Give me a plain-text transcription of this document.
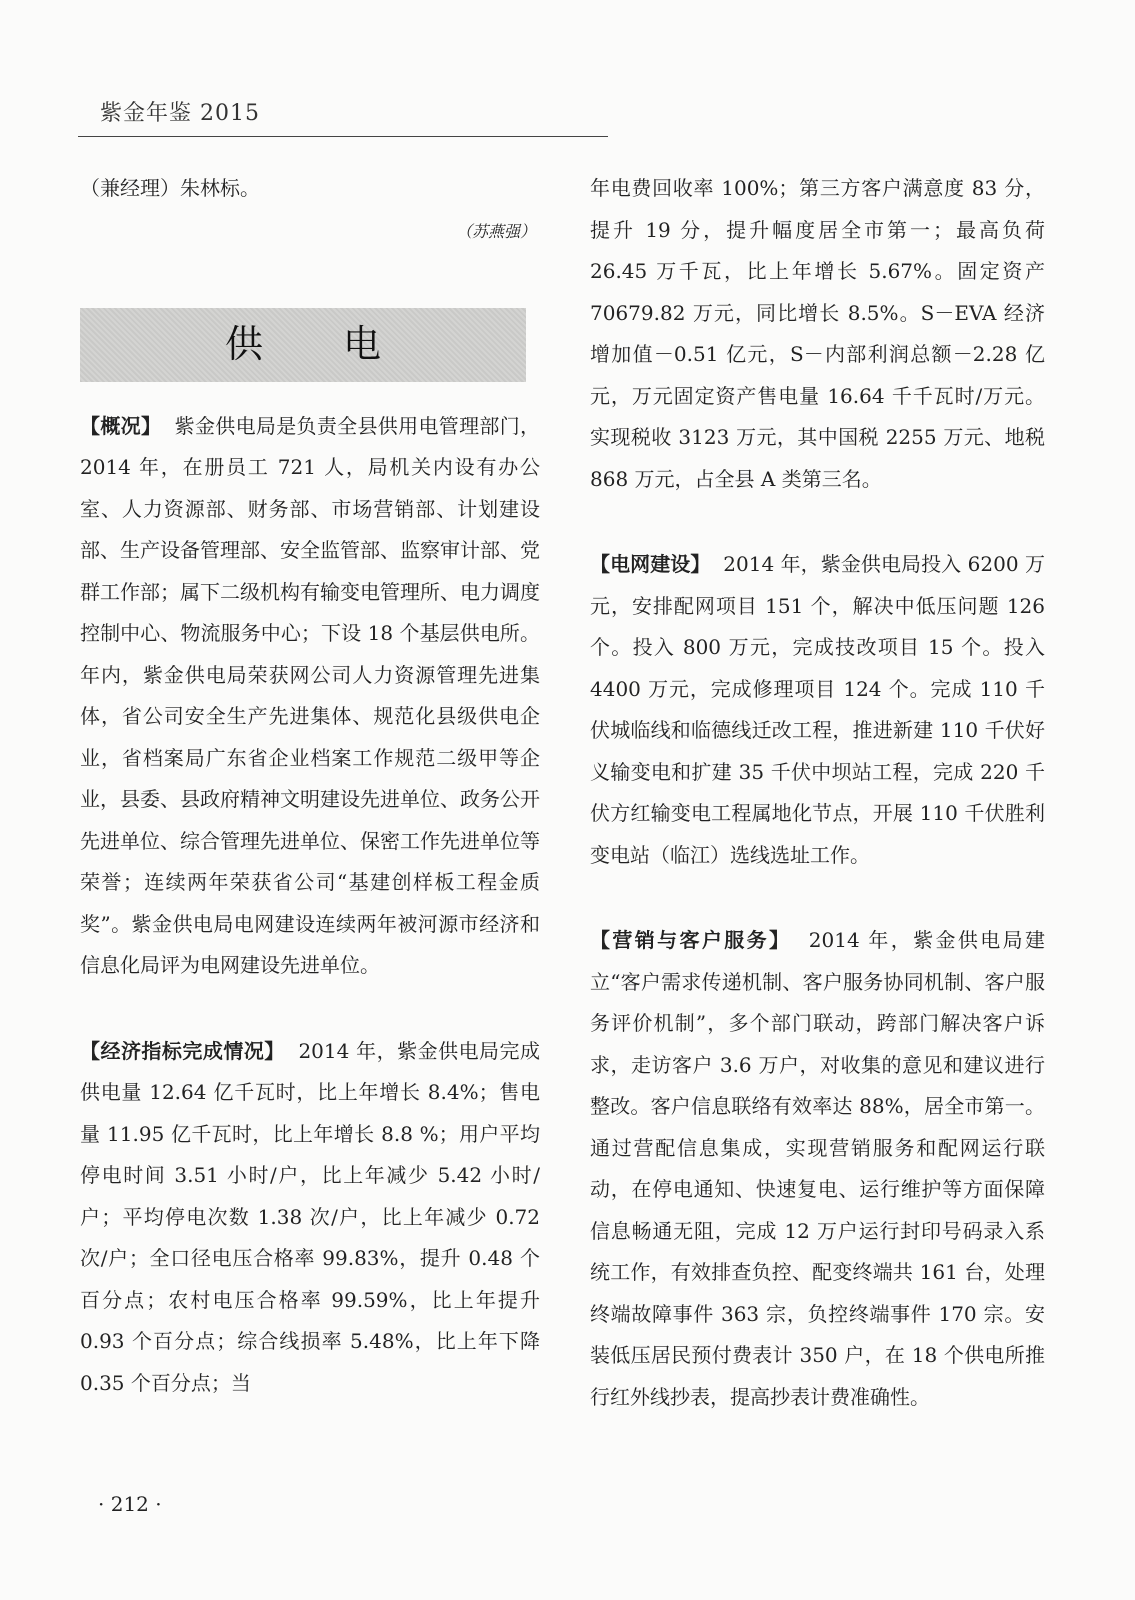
紫金年鉴 2015

（兼经理）朱林标。

（苏燕强）

供电

【概况】 紫金供电局是负责全县供用电管理部门，2014 年，在册员工 721 人，局机关内设有办公室、人力资源部、财务部、市场营销部、计划建设部、生产设备管理部、安全监管部、监察审计部、党群工作部；属下二级机构有输变电管理所、电力调度控制中心、物流服务中心；下设 18 个基层供电所。年内，紫金供电局荣获网公司人力资源管理先进集体，省公司安全生产先进集体、规范化县级供电企业，省档案局广东省企业档案工作规范二级甲等企业，县委、县政府精神文明建设先进单位、政务公开先进单位、综合管理先进单位、保密工作先进单位等荣誉；连续两年荣获省公司“基建创样板工程金质奖”。紫金供电局电网建设连续两年被河源市经济和信息化局评为电网建设先进单位。

【经济指标完成情况】 2014 年，紫金供电局完成供电量 12.64 亿千瓦时，比上年增长 8.4%；售电量 11.95 亿千瓦时，比上年增长 8.8 %；用户平均停电时间 3.51 小时/户，比上年减少 5.42 小时/户；平均停电次数 1.38 次/户，比上年减少 0.72 次/户；全口径电压合格率 99.83%，提升 0.48 个百分点；农村电压合格率 99.59%，比上年提升 0.93 个百分点；综合线损率 5.48%，比上年下降 0.35 个百分点；当

· 212 ·

年电费回收率 100%；第三方客户满意度 83 分，提升 19 分，提升幅度居全市第一；最高负荷 26.45 万千瓦，比上年增长 5.67%。固定资产 70679.82 万元，同比增长 8.5%。S－EVA 经济增加值－0.51 亿元，S－内部利润总额－2.28 亿元，万元固定资产售电量 16.64 千千瓦时/万元。实现税收 3123 万元，其中国税 2255 万元、地税 868 万元，占全县 A 类第三名。

【电网建设】 2014 年，紫金供电局投入 6200 万元，安排配网项目 151 个，解决中低压问题 126 个。投入 800 万元，完成技改项目 15 个。投入 4400 万元，完成修理项目 124 个。完成 110 千伏城临线和临德线迁改工程，推进新建 110 千伏好义输变电和扩建 35 千伏中坝站工程，完成 220 千伏方红输变电工程属地化节点，开展 110 千伏胜利变电站（临江）选线选址工作。

【营销与客户服务】 2014 年，紫金供电局建立“客户需求传递机制、客户服务协同机制、客户服务评价机制”，多个部门联动，跨部门解决客户诉求，走访客户 3.6 万户，对收集的意见和建议进行整改。客户信息联络有效率达 88%，居全市第一。通过营配信息集成，实现营销服务和配网运行联动，在停电通知、快速复电、运行维护等方面保障信息畅通无阻，完成 12 万户运行封印号码录入系统工作，有效排查负控、配变终端共 161 台，处理终端故障事件 363 宗，负控终端事件 170 宗。安装低压居民预付费表计 350 户，在 18 个供电所推行红外线抄表，提高抄表计费准确性。
